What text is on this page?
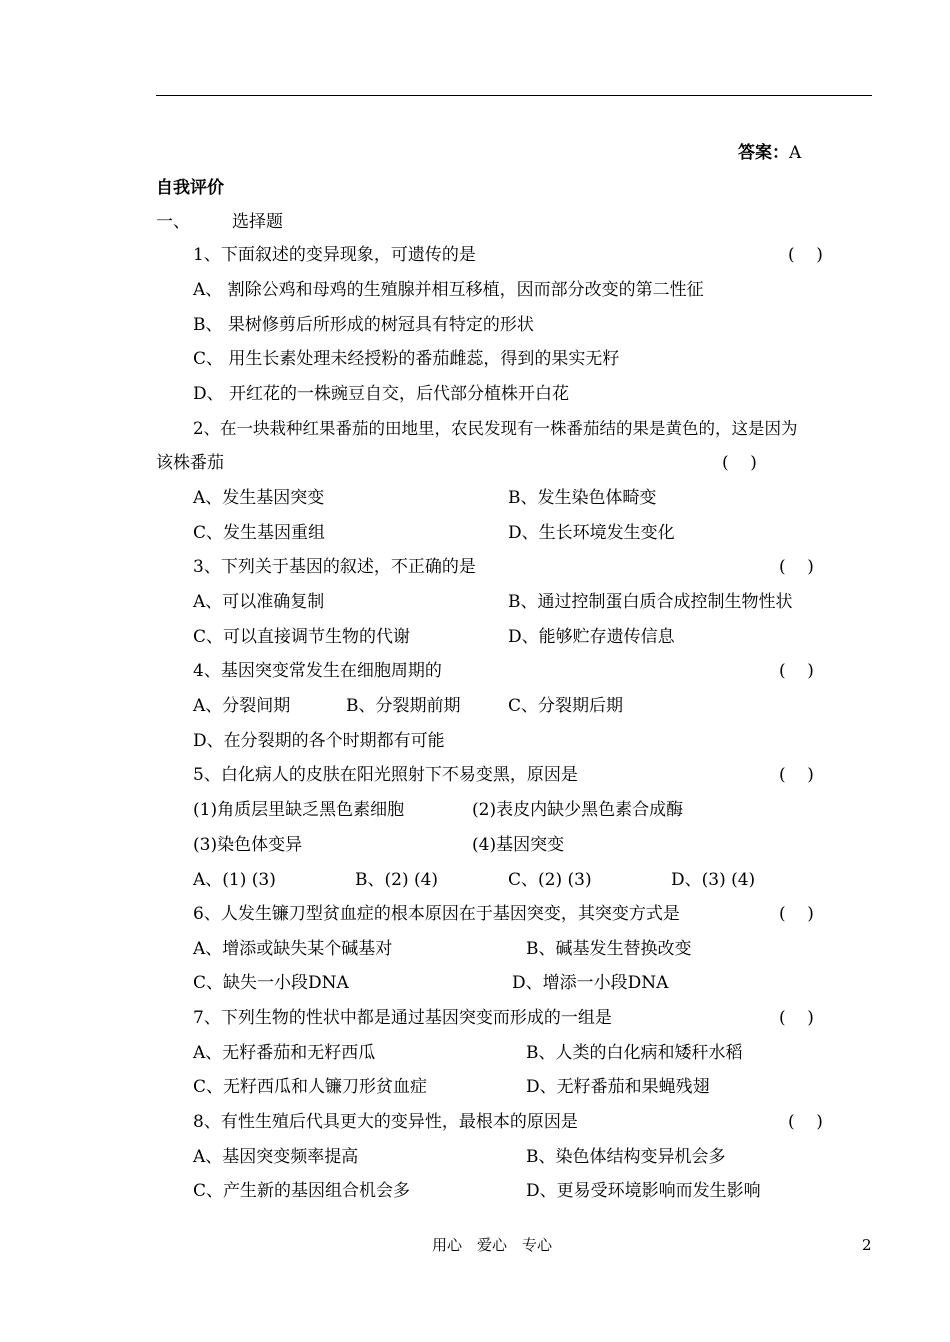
答案：A
自我评价
一、 选择题
1、下面叙述的变异现象，可遗传的是	(    )
A、 割除公鸡和母鸡的生殖腺并相互移植，因而部分改变的第二性征
B、 果树修剪后所形成的树冠具有特定的形状
C、 用生长素处理未经授粉的番茄雌蕊，得到的果实无籽
D、 开红花的一株豌豆自交，后代部分植株开白花
2、在一块栽种红果番茄的田地里，农民发现有一株番茄结的果是黄色的，这是因为
该株番茄	(    )
A、发生基因突变	B、发生染色体畸变
C、发生基因重组	D、生长环境发生变化
3、下列关于基因的叙述，不正确的是	(    )
A、可以准确复制	B、通过控制蛋白质合成控制生物性状
C、可以直接调节生物的代谢	D、能够贮存遗传信息
4、基因突变常发生在细胞周期的	(    )
A、分裂间期	B、分裂期前期	C、分裂期后期
D、在分裂期的各个时期都有可能
5、白化病人的皮肤在阳光照射下不易变黑，原因是	(    )
(1)角质层里缺乏黑色素细胞	(2)表皮内缺少黑色素合成酶
(3)染色体变异	(4)基因突变
A、(1) (3)	B、(2) (4)	C、(2) (3)	D、(3) (4)
6、人发生镰刀型贫血症的根本原因在于基因突变，其突变方式是	(    )
A、增添或缺失某个碱基对	B、碱基发生替换改变
C、缺失一小段DNA	D、增添一小段DNA
7、下列生物的性状中都是通过基因突变而形成的一组是	(    )
A、无籽番茄和无籽西瓜	B、人类的白化病和矮秆水稻
C、无籽西瓜和人镰刀形贫血症	D、无籽番茄和果蝇残翅
8、有性生殖后代具更大的变异性，最根本的原因是	(    )
A、基因突变频率提高	B、染色体结构变异机会多
C、产生新的基因组合机会多	D、更易受环境影响而发生影响
用心　爱心　专心	2
